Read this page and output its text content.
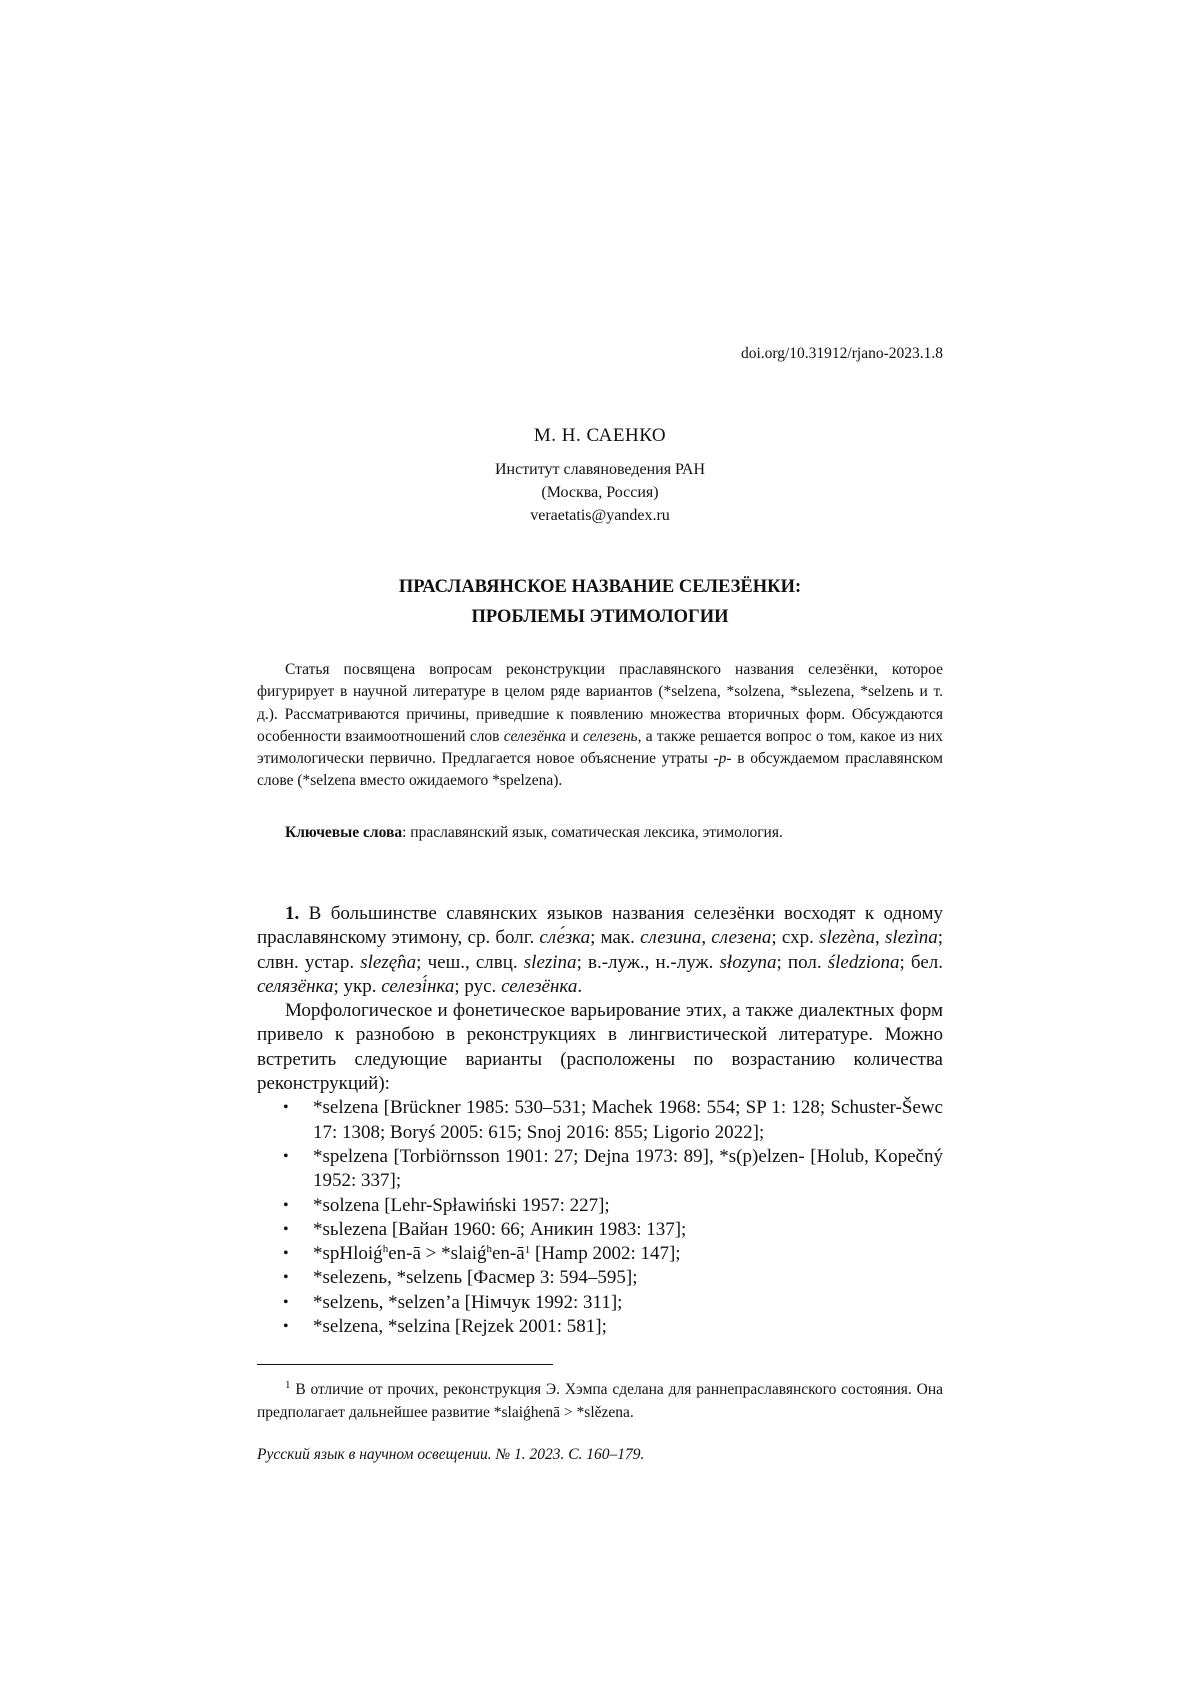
doi.org/10.31912/rjano-2023.1.8
М. Н. САЕНКО
Институт славяноведения РАН
(Москва, Россия)
veraetatis@yandex.ru
ПРАСЛАВЯНСКОЕ НАЗВАНИЕ СЕЛЕЗЁНКИ:
ПРОБЛЕМЫ ЭТИМОЛОГИИ

Статья посвящена вопросам реконструкции праславянского названия селезёнки, которое фигурирует в научной литературе в целом ряде вариантов (*selzena, *solzena, *sьlezena, *selzenь и т. д.). Рассматриваются причины, приведшие к появлению множества вторичных форм. Обсуждаются особенности взаимоотношений слов селезёнка и селезень, а также решается вопрос о том, какое из них этимологически первично. Предлагается новое объяснение утраты -p- в обсуждаемом праславянском слове (*selzena вместо ожидаемого *spelzena).

Ключевые слова: праславянский язык, соматическая лексика, этимология.

1. В большинстве славянских языков названия селезёнки восходят к одному праславянскому этимону, ср. болг. сле́зка; мак. слезина, слезена; схр. slezèna, slezìna; слвн. устар. slezę̂na; чеш., слвц. slezina; в.-луж., н.-луж. słozyna; пол. śledziona; бел. селязёнка; укр. селезі́нка; рус. селезёнка.

Морфологическое и фонетическое варьирование этих, а также диалектных форм привело к разнобою в реконструкциях в лингвистической литературе. Можно встретить следующие варианты (расположены по возрастанию количества реконструкций):

• *selzena [Brückner 1985: 530–531; Machek 1968: 554; SP 1: 128; Schuster-Šewc 17: 1308; Boryś 2005: 615; Snoj 2016: 855; Ligorio 2022];
• *spelzena [Torbiörnsson 1901: 27; Dejna 1973: 89], *s(p)elzen- [Holub, Kopečný 1952: 337];
• *solzena [Lehr-Spławiński 1957: 227];
• *sьlezena [Вайан 1960: 66; Аникин 1983: 137];
• *spHloiǵ$^h$en-ā > $*slaiǵ^hen-ā^1$ [Hamp 2002: 147];
• *selezenь, *selzenь [Фасмер 3: 594–595];
• *selzenь, *selzen’a [Німчук 1992: 311];
• *selzena, *selzina [Rejzek 2001: 581];

$^1$ В отличие от прочих, реконструкция Э. Хэмпа сделана для раннепраславянского состояния. Она предполагает дальнейшее развитие *slaiǵhenā > *slězena.

Русский язык в научном освещении. № 1. 2023. С. 160–179.
